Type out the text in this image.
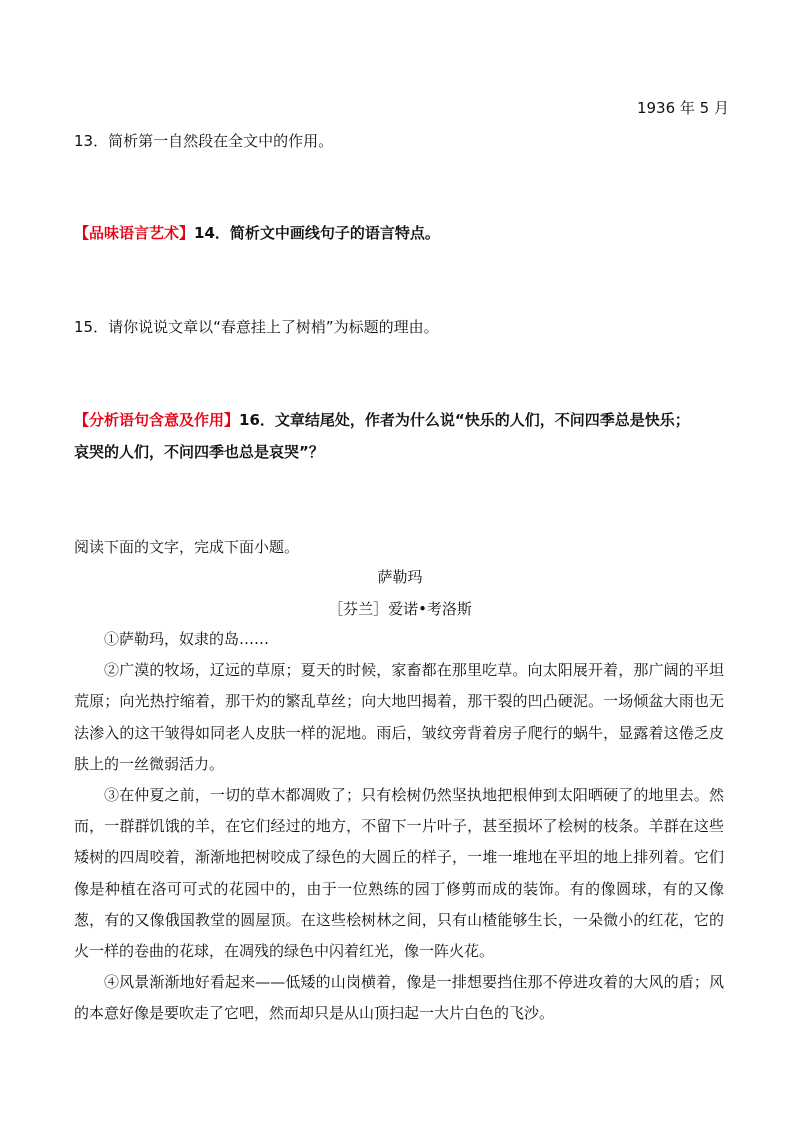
1936 年 5 月
13．简析第一自然段在全文中的作用。
【品味语言艺术】14．简析文中画线句子的语言特点。
15．请你说说文章以“春意挂上了树梢”为标题的理由。
【分析语句含意及作用】16．文章结尾处，作者为什么说“快乐的人们，不问四季总是快乐；
哀哭的人们，不问四季也总是哀哭”？
阅读下面的文字，完成下面小题。
萨勒玛
［芬兰］爱诺•考洛斯

①萨勒玛，奴隶的岛……

②广漠的牧场，辽远的草原；夏天的时候，家畜都在那里吃草。向太阳展开着，那广阔的平坦荒原；向光热拧缩着，那干灼的繁乱草丝；向大地凹揭着，那干裂的凹凸硬泥。一场倾盆大雨也无法渗入的这干皱得如同老人皮肤一样的泥地。雨后，皱纹旁背着房子爬行的蜗牛，显露着这倦乏皮肤上的一丝微弱活力。

③在仲夏之前，一切的草木都凋败了；只有桧树仍然坚执地把根伸到太阳晒硬了的地里去。然而，一群群饥饿的羊，在它们经过的地方，不留下一片叶子，甚至损坏了桧树的枝条。羊群在这些矮树的四周咬着，渐渐地把树咬成了绿色的大圆丘的样子，一堆一堆地在平坦的地上排列着。它们像是种植在洛可可式的花园中的，由于一位熟练的园丁修剪而成的装饰。有的像圆球，有的又像葱，有的又像俄国教堂的圆屋顶。在这些桧树林之间，只有山楂能够生长，一朵微小的红花，它的火一样的卷曲的花球，在凋残的绿色中闪着红光，像一阵火花。

④风景渐渐地好看起来——低矮的山岗横着，像是一排想要挡住那不停进攻着的大风的盾；风的本意好像是要吹走了它吧，然而却只是从山顶扫起一大片白色的飞沙。
